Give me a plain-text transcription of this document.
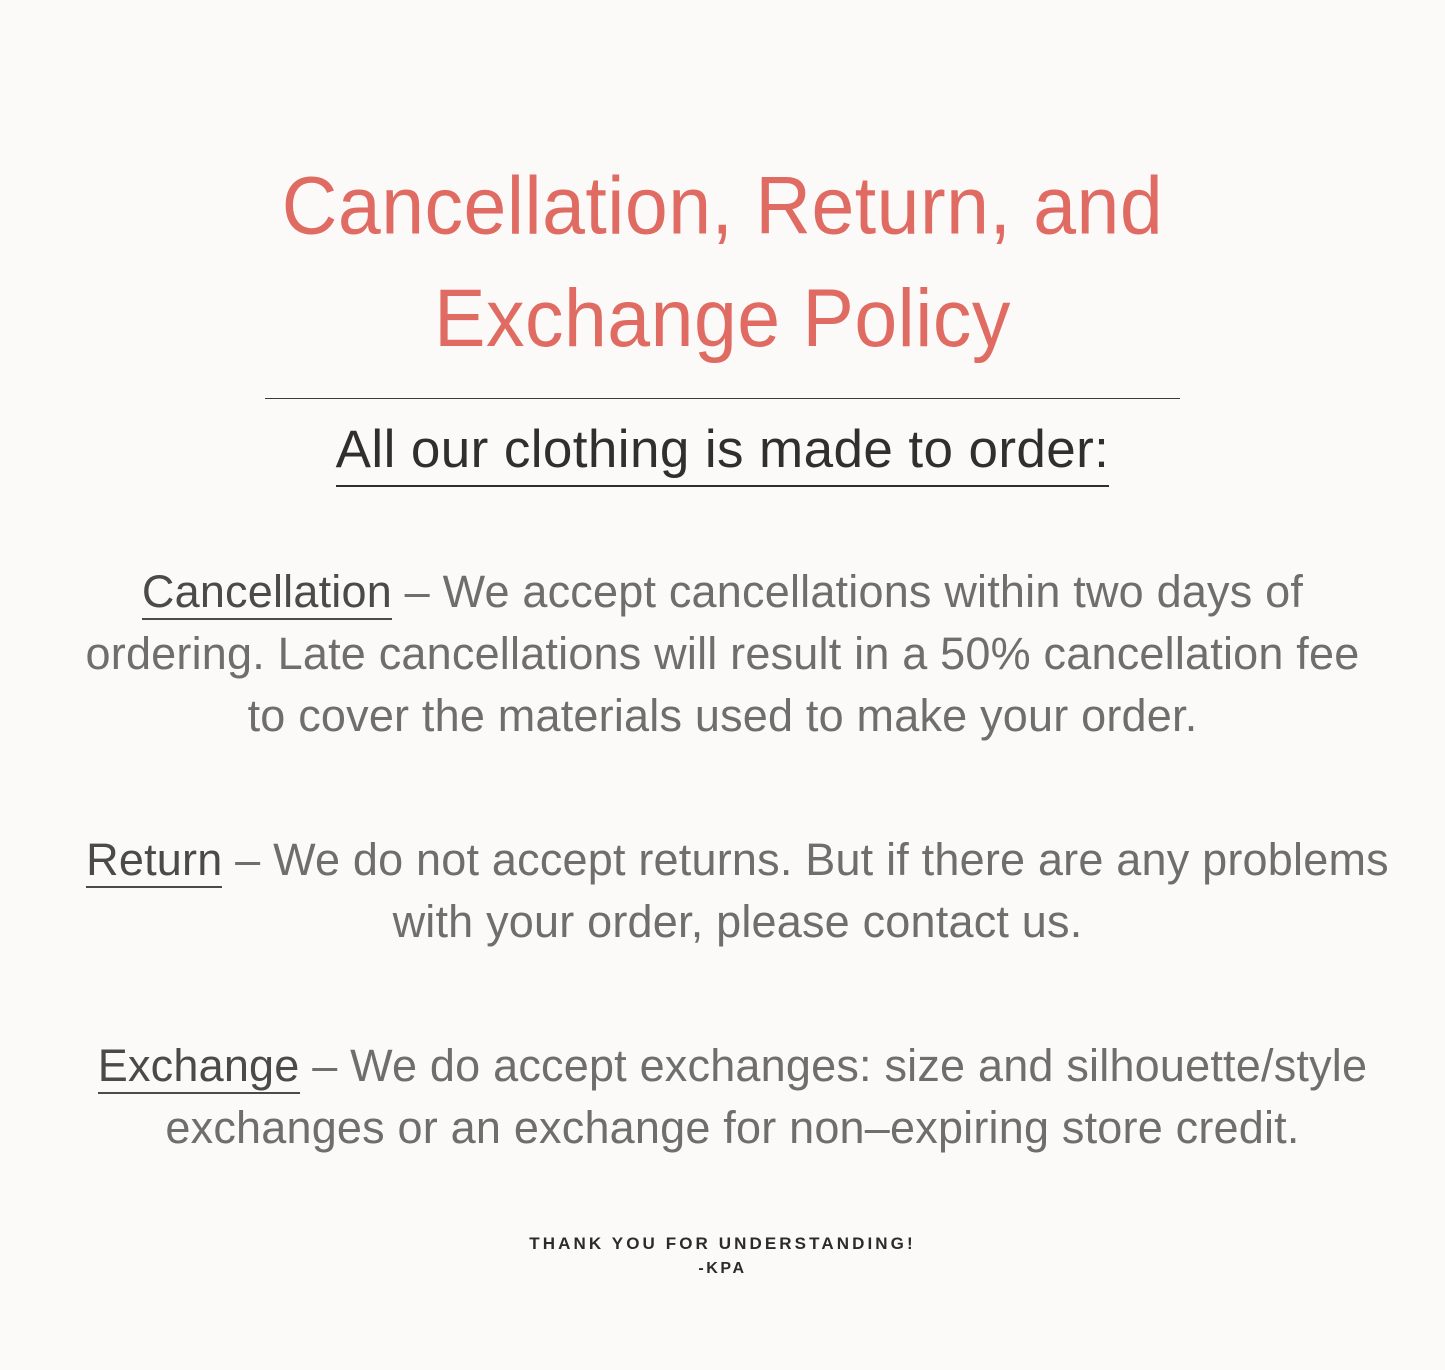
Cancellation, Return, and Exchange Policy
All our clothing is made to order:

Cancellation – We accept cancellations within two days of ordering. Late cancellations will result in a 50% cancellation fee to cover the materials used to make your order.

Return – We do not accept returns. But if there are any problems with your order, please contact us.

Exchange – We do accept exchanges: size and silhouette/style exchanges or an exchange for non–expiring store credit.

THANK YOU FOR UNDERSTANDING!

-KPA
